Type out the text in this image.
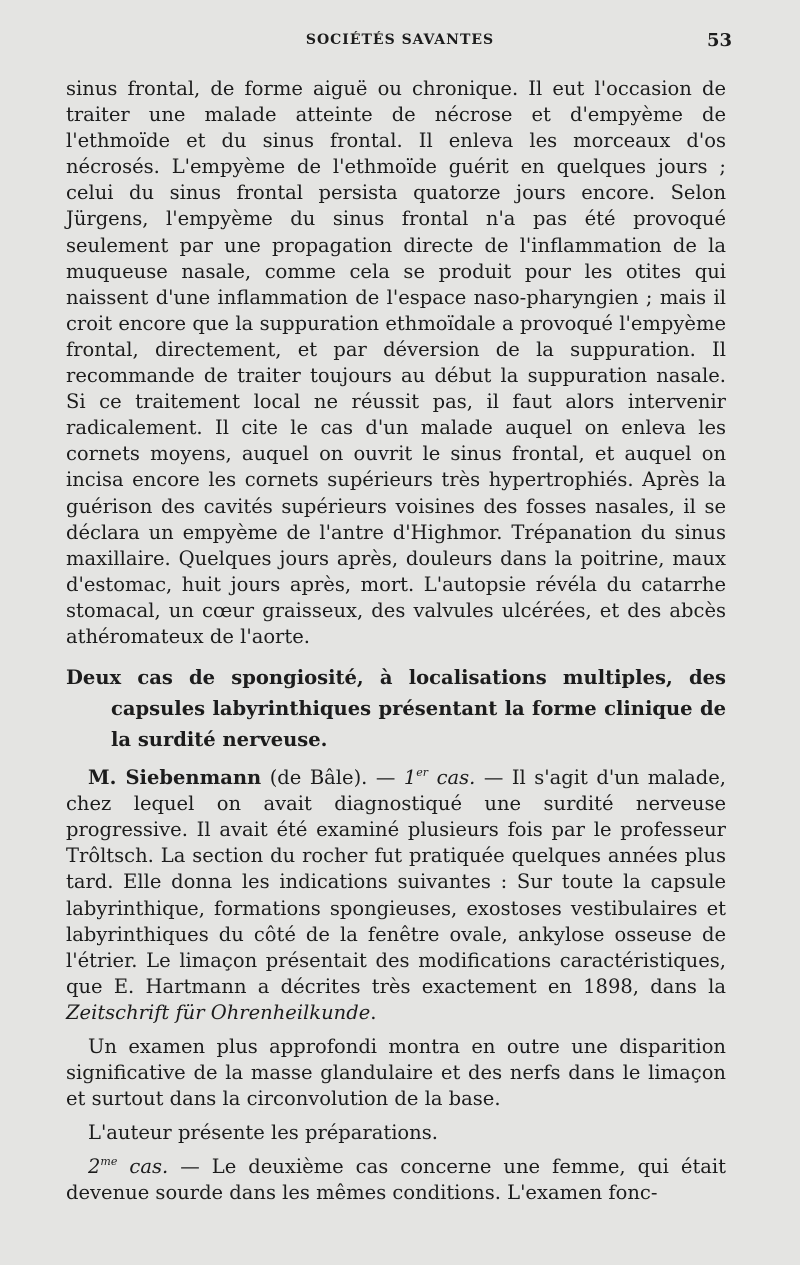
SOCIÉTÉS SAVANTES	53

sinus frontal, de forme aiguë ou chronique. Il eut l'occasion de traiter une malade atteinte de nécrose et d'empyème de l'ethmoïde et du sinus frontal. Il enleva les morceaux d'os nécrosés. L'empyème de l'ethmoïde guérit en quelques jours ; celui du sinus frontal persista quatorze jours encore. Selon Jürgens, l'empyème du sinus frontal n'a pas été provoqué seulement par une propagation directe de l'inflammation de la muqueuse nasale, comme cela se produit pour les otites qui naissent d'une inflammation de l'espace naso-pharyngien ; mais il croit encore que la suppuration ethmoïdale a provoqué l'empyème frontal, directement, et par déversion de la suppuration. Il recommande de traiter toujours au début la suppuration nasale. Si ce traitement local ne réussit pas, il faut alors intervenir radicalement. Il cite le cas d'un malade auquel on enleva les cornets moyens, auquel on ouvrit le sinus frontal, et auquel on incisa encore les cornets supérieurs très hypertrophiés. Après la guérison des cavités supérieurs voisines des fosses nasales, il se déclara un empyème de l'antre d'Highmor. Trépanation du sinus maxillaire. Quelques jours après, douleurs dans la poitrine, maux d'estomac, huit jours après, mort. L'autopsie révéla du catarrhe stomacal, un cœur graisseux, des valvules ulcérées, et des abcès athéromateux de l'aorte.

Deux cas de spongiosité, à localisations multiples, des capsules labyrinthiques présentant la forme clinique de la surdité nerveuse.

M. Siebenmann (de Bâle). — 1er cas. — Il s'agit d'un malade, chez lequel on avait diagnostiqué une surdité nerveuse progressive. Il avait été examiné plusieurs fois par le professeur Trôltsch. La section du rocher fut pratiquée quelques années plus tard. Elle donna les indications suivantes : Sur toute la capsule labyrinthique, formations spongieuses, exostoses vestibulaires et labyrinthiques du côté de la fenêtre ovale, ankylose osseuse de l'étrier. Le limaçon présentait des modifications caractéristiques, que E. Hartmann a décrites très exactement en 1898, dans la Zeitschrift für Ohrenheilkunde.

Un examen plus approfondi montra en outre une disparition significative de la masse glandulaire et des nerfs dans le limaçon et surtout dans la circonvolution de la base.

L'auteur présente les préparations.

$2^{me}$ cas. — Le deuxième cas concerne une femme, qui était devenue sourde dans les mêmes conditions. L'examen fonc-
